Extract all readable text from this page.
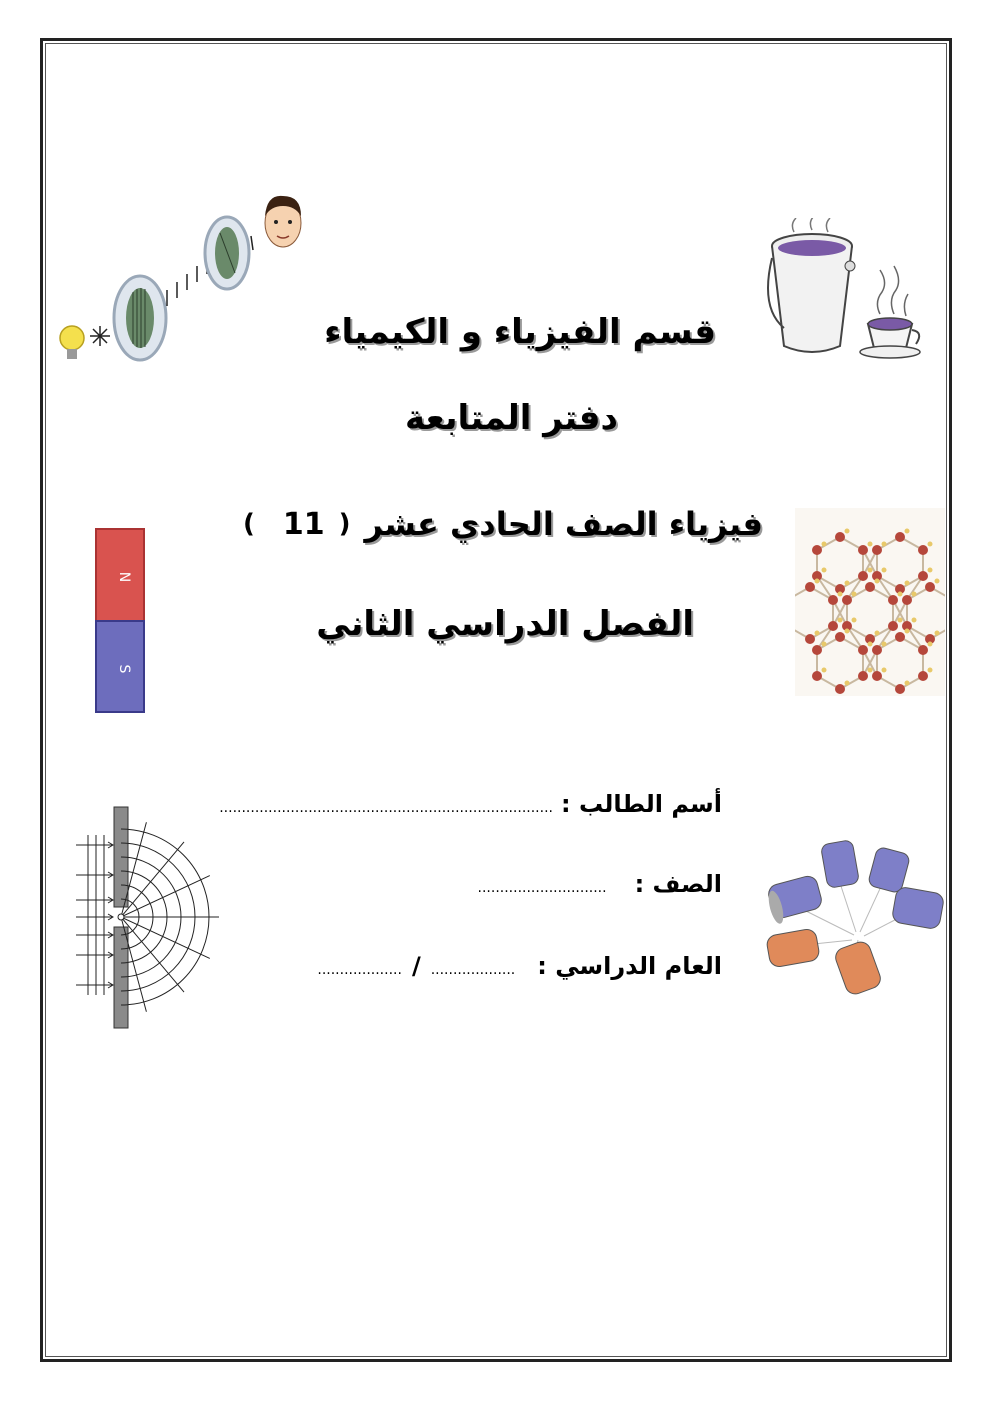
قسم الفيزياء و الكيمياء
دفتر المتابعة
فيزياء الصف الحادي عشر
(
11
)
الفصل الدراسي الثاني
أسم الطالب :
...........................................................................
الصف :
.............................
العام الدراسي :
...................
/
...................
N
S
